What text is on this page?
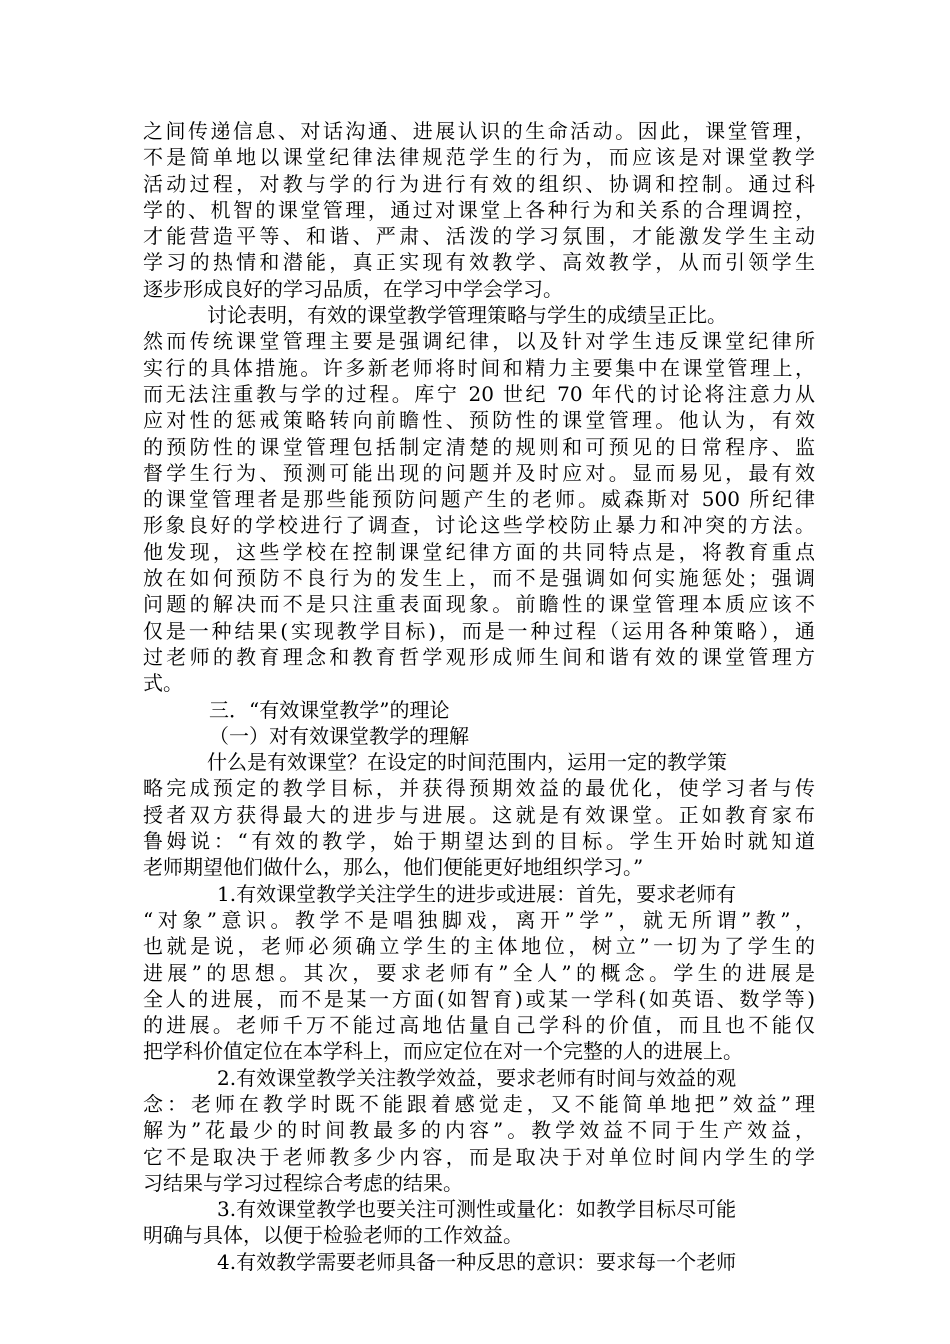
之间传递信息、对话沟通、进展认识的生命活动。因此，课堂管理，
不是简单地以课堂纪律法律规范学生的行为，而应该是对课堂教学
活动过程，对教与学的行为进行有效的组织、协调和控制。通过科
学的、机智的课堂管理，通过对课堂上各种行为和关系的合理调控，
才能营造平等、和谐、严肃、活泼的学习氛围，才能激发学生主动
学习的热情和潜能，真正实现有效教学、高效教学，从而引领学生
逐步形成良好的学习品质，在学习中学会学习。
讨论表明，有效的课堂教学管理策略与学生的成绩呈正比。
然而传统课堂管理主要是强调纪律，以及针对学生违反课堂纪律所
实行的具体措施。许多新老师将时间和精力主要集中在课堂管理上，
而无法注重教与学的过程。库宁 20 世纪 70 年代的讨论将注意力从
应对性的惩戒策略转向前瞻性、预防性的课堂管理。他认为，有效
的预防性的课堂管理包括制定清楚的规则和可预见的日常程序、监
督学生行为、预测可能出现的问题并及时应对。显而易见，最有效
的课堂管理者是那些能预防问题产生的老师。威森斯对 500 所纪律
形象良好的学校进行了调查，讨论这些学校防止暴力和冲突的方法。
他发现，这些学校在控制课堂纪律方面的共同特点是，将教育重点
放在如何预防不良行为的发生上，而不是强调如何实施惩处；强调
问题的解决而不是只注重表面现象。前瞻性的课堂管理本质应该不
仅是一种结果(实现教学目标)，而是一种过程（运用各种策略），通
过老师的教育理念和教育哲学观形成师生间和谐有效的课堂管理方
式。
三．“有效课堂教学”的理论
（一）对有效课堂教学的理解
什么是有效课堂？在设定的时间范围内，运用一定的教学策
略完成预定的教学目标，并获得预期效益的最优化，使学习者与传
授者双方获得最大的进步与进展。这就是有效课堂。正如教育家布
鲁姆说：“有效的教学，始于期望达到的目标。学生开始时就知道
老师期望他们做什么，那么，他们便能更好地组织学习。”
1.有效课堂教学关注学生的进步或进展：首先，要求老师有
“对象”意识。教学不是唱独脚戏，离开”学”，就无所谓”教”，
也就是说，老师必须确立学生的主体地位，树立”一切为了学生的
进展”的思想。其次，要求老师有”全人”的概念。学生的进展是
全人的进展，而不是某一方面(如智育)或某一学科(如英语、数学等)
的进展。老师千万不能过高地估量自己学科的价值，而且也不能仅
把学科价值定位在本学科上，而应定位在对一个完整的人的进展上。
2.有效课堂教学关注教学效益，要求老师有时间与效益的观
念：老师在教学时既不能跟着感觉走，又不能简单地把”效益”理
解为”花最少的时间教最多的内容”。教学效益不同于生产效益，
它不是取决于老师教多少内容，而是取决于对单位时间内学生的学
习结果与学习过程综合考虑的结果。
3.有效课堂教学也要关注可测性或量化：如教学目标尽可能
明确与具体，以便于检验老师的工作效益。
4.有效教学需要老师具备一种反思的意识：要求每一个老师
